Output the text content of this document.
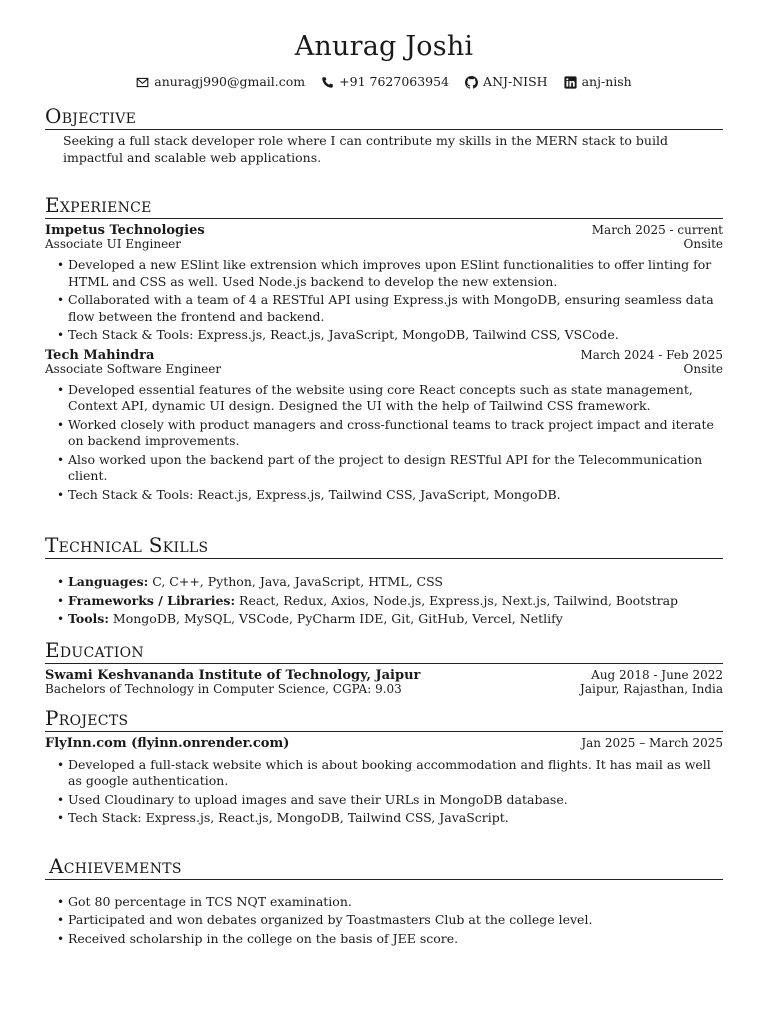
Anurag Joshi
anuragj990@gmail.com	+91 7627063954	ANJ-NISH	anj-nish
Objective
Seeking a full stack developer role where I can contribute my skills in the MERN stack to build impactful and scalable web applications.
Experience
Impetus Technologies	March 2025 - current
Associate UI Engineer	Onsite
• Developed a new ESlint like extrension which improves upon ESlint functionalities to offer linting for HTML and CSS as well. Used Node.js backend to develop the new extension.
• Collaborated with a team of 4 a RESTful API using Express.js with MongoDB, ensuring seamless data flow between the frontend and backend.
• Tech Stack & Tools: Express.js, React.js, JavaScript, MongoDB, Tailwind CSS, VSCode.
Tech Mahindra	March 2024 - Feb 2025
Associate Software Engineer	Onsite
• Developed essential features of the website using core React concepts such as state management, Context API, dynamic UI design. Designed the UI with the help of Tailwind CSS framework.
• Worked closely with product managers and cross-functional teams to track project impact and iterate on backend improvements.
• Also worked upon the backend part of the project to design RESTful API for the Telecommunication client.
• Tech Stack & Tools: React.js, Express.js, Tailwind CSS, JavaScript, MongoDB.
Technical Skills
• Languages: C, C++, Python, Java, JavaScript, HTML, CSS
• Frameworks / Libraries: React, Redux, Axios, Node.js, Express.js, Next.js, Tailwind, Bootstrap
• Tools: MongoDB, MySQL, VSCode, PyCharm IDE, Git, GitHub, Vercel, Netlify
Education
Swami Keshvananda Institute of Technology, Jaipur	Aug 2018 - June 2022
Bachelors of Technology in Computer Science, CGPA: 9.03	Jaipur, Rajasthan, India
Projects
FlyInn.com (flyinn.onrender.com)	Jan 2025 – March 2025
• Developed a full-stack website which is about booking accommodation and flights. It has mail as well as google authentication.
• Used Cloudinary to upload images and save their URLs in MongoDB database.
• Tech Stack: Express.js, React.js, MongoDB, Tailwind CSS, JavaScript.
Achievements
• Got 80 percentage in TCS NQT examination.
• Participated and won debates organized by Toastmasters Club at the college level.
• Received scholarship in the college on the basis of JEE score.
